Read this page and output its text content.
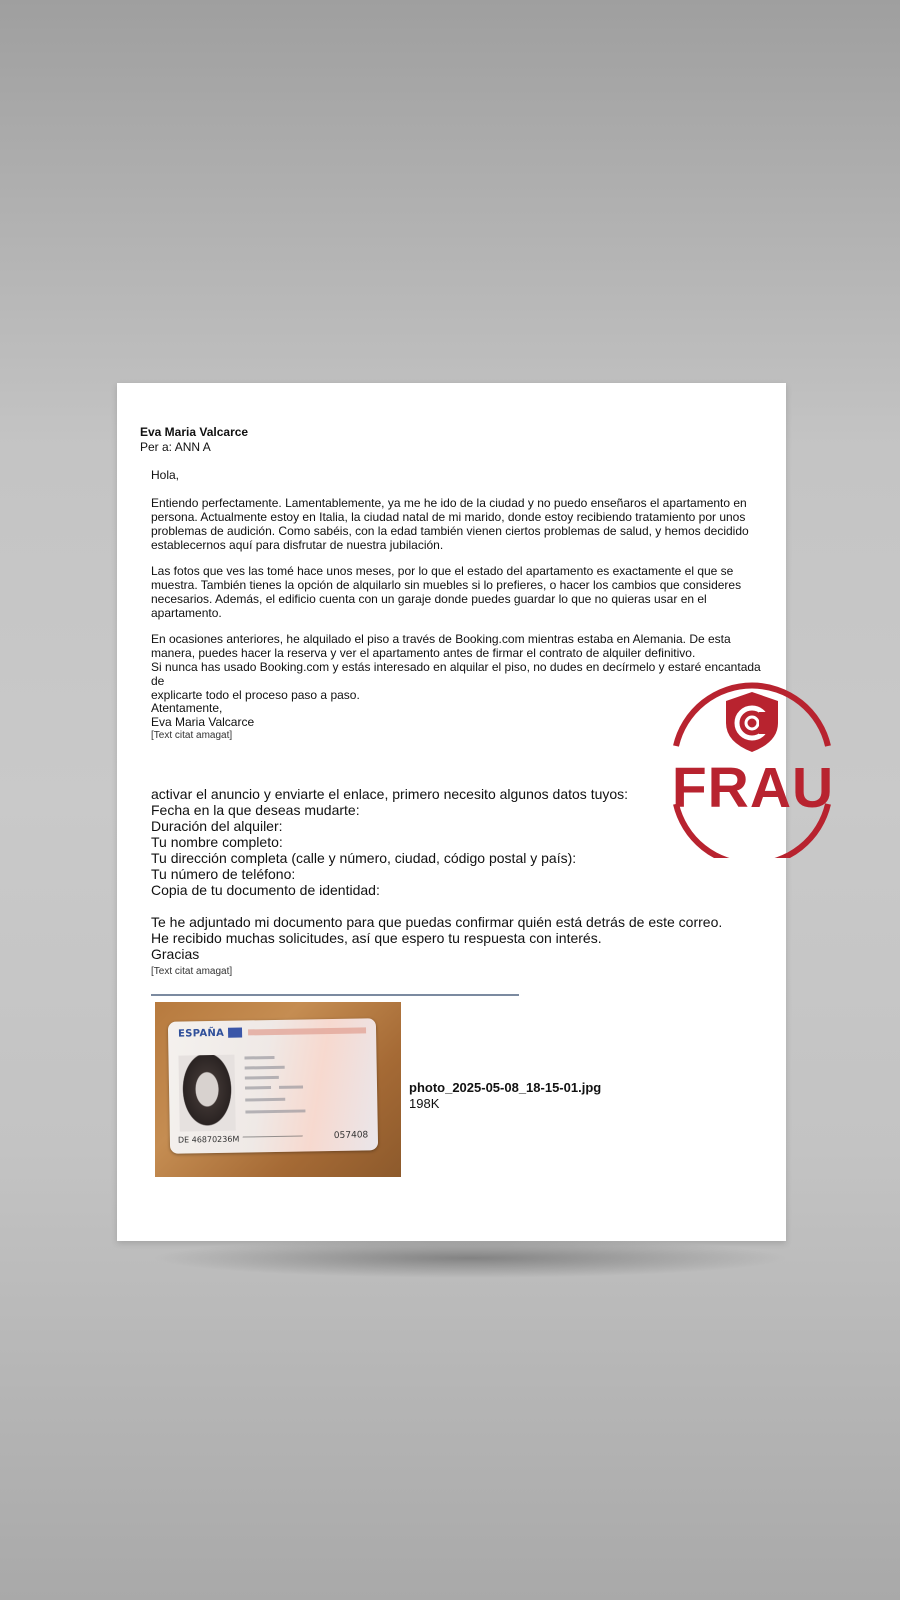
Eva Maria Valcarce
Per a: ANN A
Hola,
Entiendo perfectamente. Lamentablemente, ya me he ido de la ciudad y no puedo enseñaros el apartamento en
persona. Actualmente estoy en Italia, la ciudad natal de mi marido, donde estoy recibiendo tratamiento por unos
problemas de audición. Como sabéis, con la edad también vienen ciertos problemas de salud, y hemos decidido
establecernos aquí para disfrutar de nuestra jubilación.
Las fotos que ves las tomé hace unos meses, por lo que el estado del apartamento es exactamente el que se
muestra. También tienes la opción de alquilarlo sin muebles si lo prefieres, o hacer los cambios que consideres
necesarios. Además, el edificio cuenta con un garaje donde puedes guardar lo que no quieras usar en el
apartamento.
En ocasiones anteriores, he alquilado el piso a través de Booking.com mientras estaba en Alemania. De esta
manera, puedes hacer la reserva y ver el apartamento antes de firmar el contrato de alquiler definitivo.
Si nunca has usado Booking.com y estás interesado en alquilar el piso, no dudes en decírmelo y estaré encantada de
explicarte todo el proceso paso a paso.
Atentamente,
Eva Maria Valcarce
[Text citat amagat]
activar el anuncio y enviarte el enlace, primero necesito algunos datos tuyos:
Fecha en la que deseas mudarte:
Duración del alquiler:
Tu nombre completo:
Tu dirección completa (calle y número, ciudad, código postal y país):
Tu número de teléfono:
Copia de tu documento de identidad:
Te he adjuntado mi documento para que puedas confirmar quién está detrás de este correo.
He recibido muchas solicitudes, así que espero tu respuesta con interés.
Gracias
[Text citat amagat]
ESPAÑA
DE 46870236M	057408
photo_2025-05-08_18-15-01.jpg
198K
FRAU
